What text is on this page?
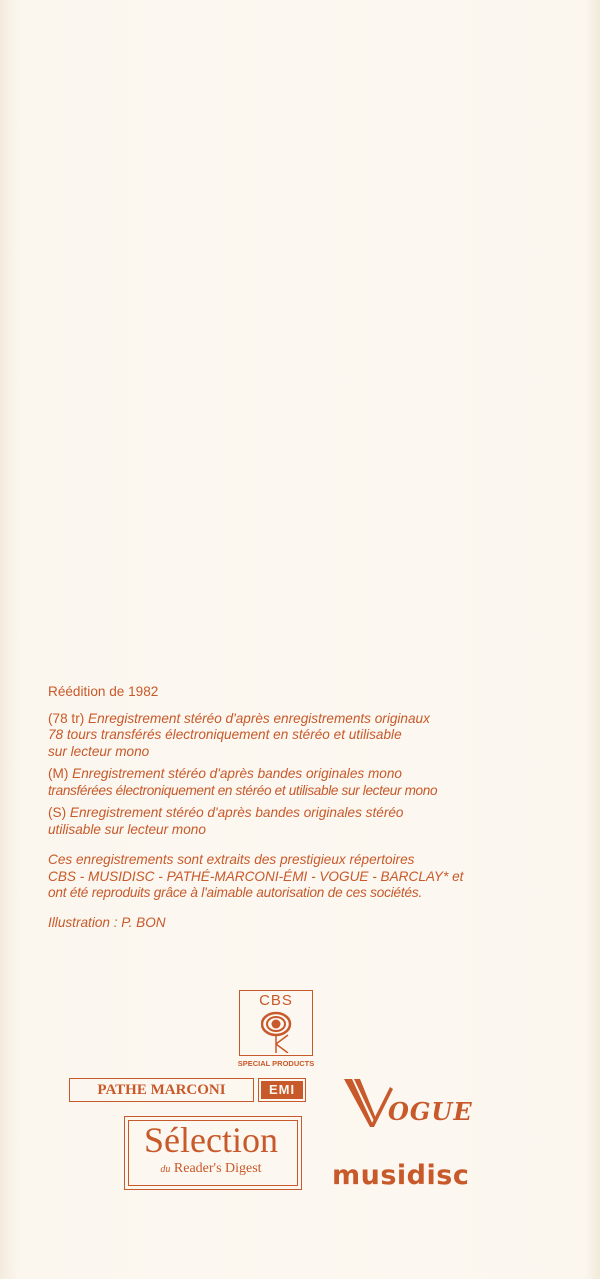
Réédition de 1982

(78 tr) Enregistrement stéréo d'après enregistrements originaux
78 tours transférés électroniquement en stéréo et utilisable
sur lecteur mono

(M) Enregistrement stéréo d'après bandes originales mono
transférées électroniquement en stéréo et utilisable sur lecteur mono

(S) Enregistrement stéréo d'après bandes originales stéréo
utilisable sur lecteur mono

Ces enregistrements sont extraits des prestigieux répertoires
CBS - MUSIDISC - PATHÉ-MARCONI-ÉMI - VOGUE - BARCLAY* et
ont été reproduits grâce à l'aimable autorisation de ces sociétés.

Illustration : P. BON

CBS
SPECIAL PRODUCTS
PATHE MARCONI	EMI
Sélection
du Reader's Digest
OGUE
musidisc
